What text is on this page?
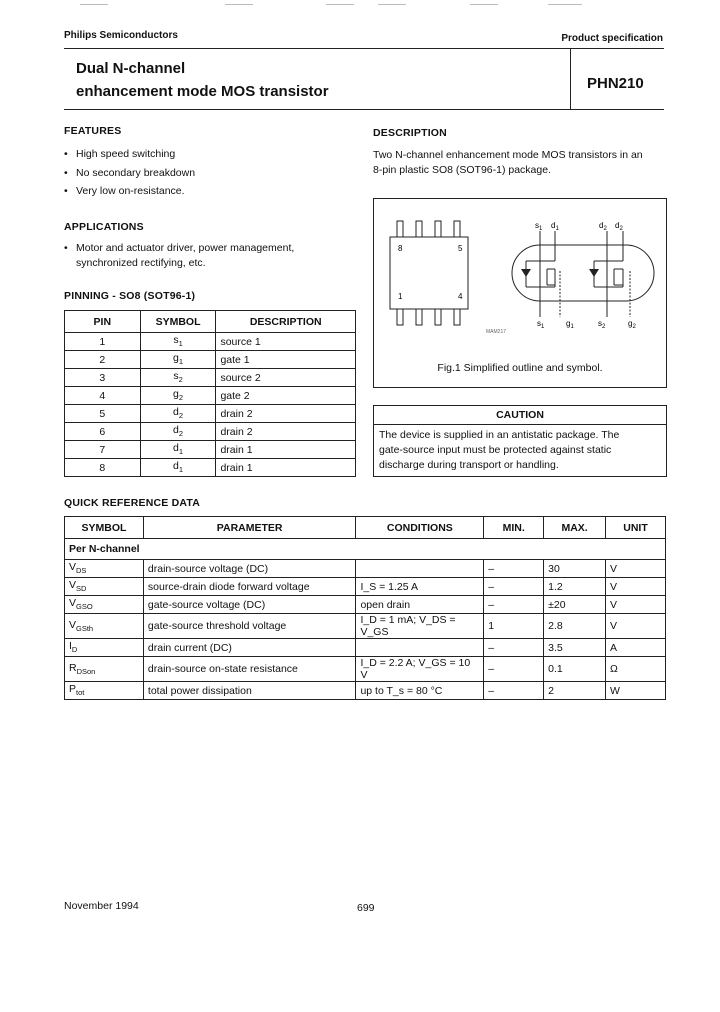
Philips Semiconductors	Product specification
Dual N-channel
enhancement mode MOS transistor	PHN210
FEATURES
• High speed switching
• No secondary breakdown
• Very low on-resistance.
APPLICATIONS
• Motor and actuator driver, power management,
synchronized rectifying, etc.
PINNING - SO8 (SOT96-1)
PIN	SYMBOL	DESCRIPTION
1	$s_1$	source 1
2	$g_1$	gate 1
3	$s_2$	source 2
4	$g_2$	gate 2
5	$d_2$	drain 2
6	$d_2$	drain 2
7	$d_1$	drain 1
8	$d_1$	drain 1
DESCRIPTION
Two N-channel enhancement mode MOS transistors in an
8-pin plastic SO8 (SOT96-1) package.
8	5
1	4
MAM217
$s_1$ $d_1$	$d_2$ $d_2$
$s_1$	$g_1$	$s_2$	$g_2$
Fig.1 Simplified outline and symbol.
CAUTION
The device is supplied in an antistatic package. The
gate-source input must be protected against static
discharge during transport or handling.
QUICK REFERENCE DATA
SYMBOL	PARAMETER	CONDITIONS	MIN.	MAX.	UNIT
Per N-channel					
$V_{DS}$	drain-source voltage (DC)		–	30	V
$V_{SD}$	source-drain diode forward voltage	I_S = 1.25 A	–	1.2	V
$V_{GSO}$	gate-source voltage (DC)	open drain	–	±20	V
$V_{GSth}$	gate-source threshold voltage	I_D = 1 mA; V_DS = V_GS	1	2.8	V
$I_D$	drain current (DC)		–	3.5	A
$R_{DSon}$	drain-source on-state resistance	I_D = 2.2 A; V_GS = 10 V	–	0.1	Ω
$P_{tot}$	total power dissipation	up to T_s = 80 °C	–	2	W
November 1994	699
